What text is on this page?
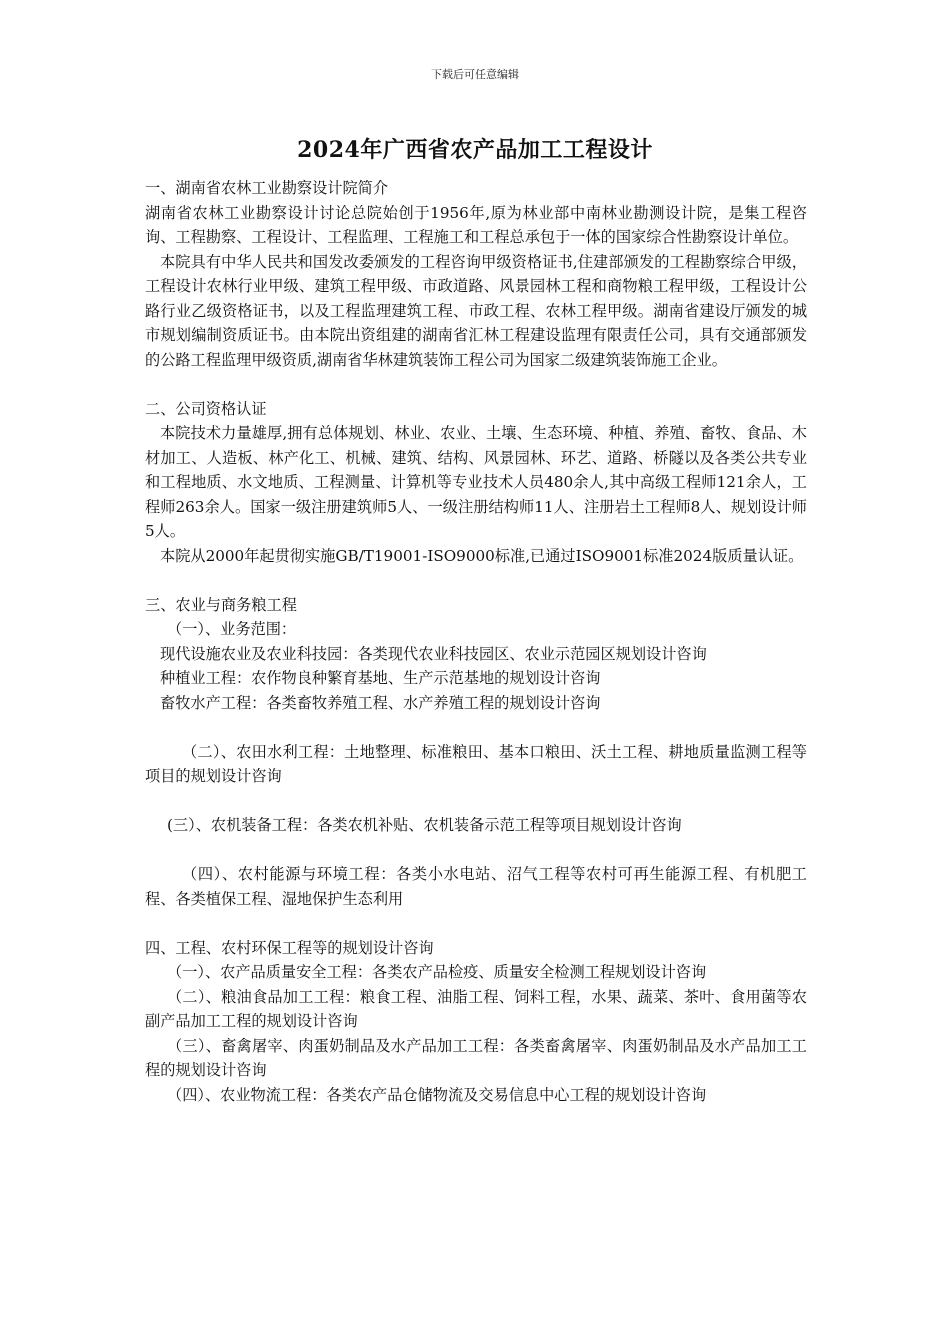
下载后可任意编辑
2024年广西省农产品加工工程设计

一、湖南省农林工业勘察设计院简介

湖南省农林工业勘察设计讨论总院始创于1956年,原为林业部中南林业勘测设计院，是集工程咨询、工程勘察、工程设计、工程监理、工程施工和工程总承包于一体的国家综合性勘察设计单位。

本院具有中华人民共和国发改委颁发的工程咨询甲级资格证书,住建部颁发的工程勘察综合甲级，工程设计农林行业甲级、建筑工程甲级、市政道路、风景园林工程和商物粮工程甲级，工程设计公路行业乙级资格证书，以及工程监理建筑工程、市政工程、农林工程甲级。湖南省建设厅颁发的城市规划编制资质证书。由本院出资组建的湖南省汇林工程建设监理有限责任公司，具有交通部颁发的公路工程监理甲级资质,湖南省华林建筑装饰工程公司为国家二级建筑装饰施工企业。

二、公司资格认证

本院技术力量雄厚,拥有总体规划、林业、农业、土壤、生态环境、种植、养殖、畜牧、食品、木材加工、人造板、林产化工、机械、建筑、结构、风景园林、环艺、道路、桥隧以及各类公共专业和工程地质、水文地质、工程测量、计算机等专业技术人员480余人,其中高级工程师121余人，工程师263余人。国家一级注册建筑师5人、一级注册结构师11人、注册岩土工程师8人、规划设计师5人。

本院从2000年起贯彻实施GB/T19001-ISO9000标准,已通过ISO9001标准2024版质量认证。

三、农业与商务粮工程

（一）、业务范围：

现代设施农业及农业科技园：各类现代农业科技园区、农业示范园区规划设计咨询

种植业工程：农作物良种繁育基地、生产示范基地的规划设计咨询

畜牧水产工程：各类畜牧养殖工程、水产养殖工程的规划设计咨询

（二）、农田水利工程：土地整理、标准粮田、基本口粮田、沃土工程、耕地质量监测工程等项目的规划设计咨询

(三）、农机装备工程：各类农机补贴、农机装备示范工程等项目规划设计咨询

（四）、农村能源与环境工程：各类小水电站、沼气工程等农村可再生能源工程、有机肥工程、各类植保工程、湿地保护生态利用

四、工程、农村环保工程等的规划设计咨询

（一）、农产品质量安全工程：各类农产品检疫、质量安全检测工程规划设计咨询

（二）、粮油食品加工工程：粮食工程、油脂工程、饲料工程，水果、蔬菜、茶叶、食用菌等农副产品加工工程的规划设计咨询

（三）、畜禽屠宰、肉蛋奶制品及水产品加工工程：各类畜禽屠宰、肉蛋奶制品及水产品加工工程的规划设计咨询

（四）、农业物流工程：各类农产品仓储物流及交易信息中心工程的规划设计咨询
